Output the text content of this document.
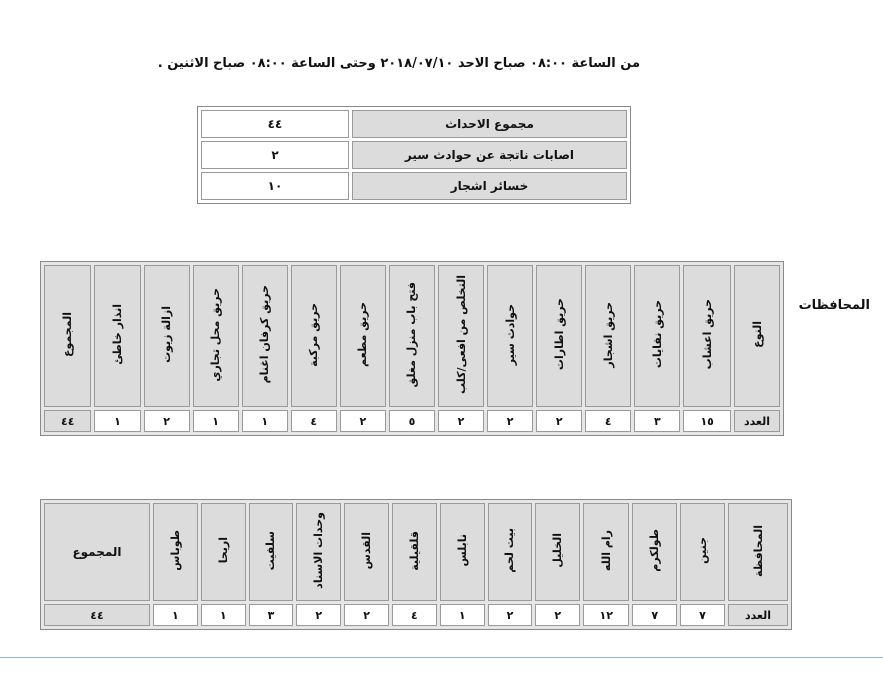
من الساعة ٠٨:٠٠ صباح الاحد ٢٠١٨/٠٧/١٠ وحتى الساعة ٠٨:٠٠ صباح الاثنين .
٤٤	مجموع الاحداث
٢	اصابات ناتجة عن حوادث سير
١٠	خسائر اشجار
المحافظات
المجموع	انذار خاطئ	ازالة زيوت	حريق محل تجاري	حريق كرفان اغنام	حريق مركبة	حريق مطعم	فتح باب منزل مغلق	التخلص من افعى/كلب	حوادث سير	حريق اطارات	حريق اشجار	حريق نفايات	حريق اعشاب	النوع
٤٤	١	٢	١	١	٤	٢	٥	٢	٢	٢	٤	٣	١٥	العدد
المجموع	طوباس	اريحا	سلفيت	وحدات الاسناد	القدس	قلقيلية	نابلس	بيت لحم	الخليل	رام الله	طولكرم	جنين	المحافظة
٤٤	١	١	٣	٢	٢	٤	١	٢	٢	١٢	٧	٧	العدد
